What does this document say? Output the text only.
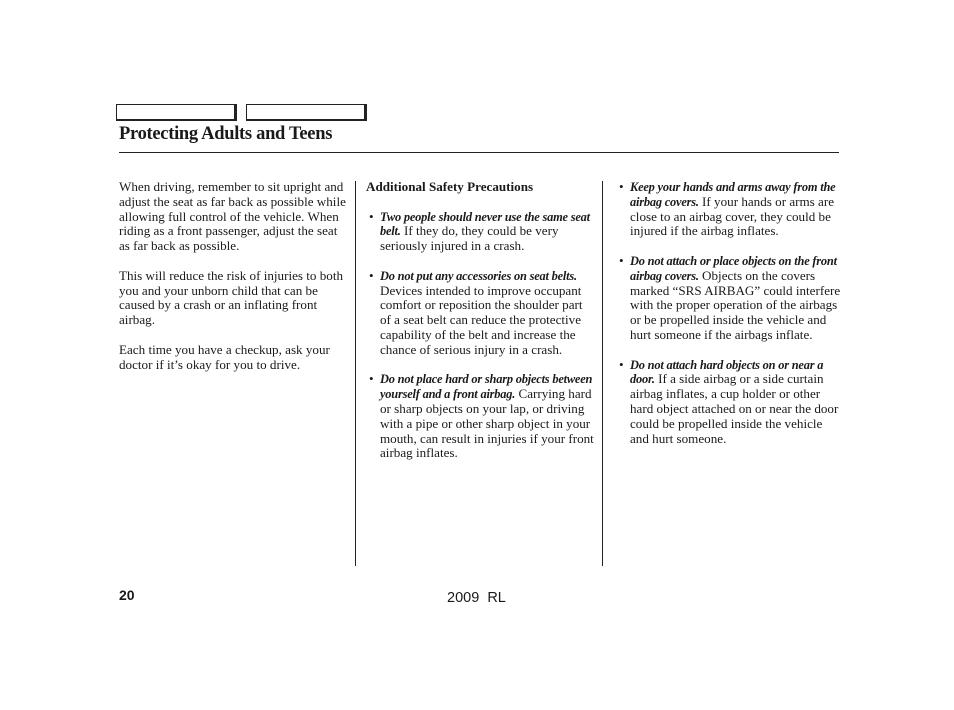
Protecting Adults and Teens

When driving, remember to sit upright and adjust the seat as far back as possible while allowing full control of the vehicle. When riding as a front passenger, adjust the seat as far back as possible.

This will reduce the risk of injuries to both you and your unborn child that can be caused by a crash or an inflating front airbag.

Each time you have a checkup, ask your doctor if it’s okay for you to drive.

Additional Safety Precautions

• Two people should never use the same seat belt. If they do, they could be very seriously injured in a crash.
• Do not put any accessories on seat belts. Devices intended to improve occupant comfort or reposition the shoulder part of a seat belt can reduce the protective capability of the belt and increase the chance of serious injury in a crash.
• Do not place hard or sharp objects between yourself and a front airbag. Carrying hard or sharp objects on your lap, or driving with a pipe or other sharp object in your mouth, can result in injuries if your front airbag inflates.
• Keep your hands and arms away from the airbag covers. If your hands or arms are close to an airbag cover, they could be injured if the airbag inflates.
• Do not attach or place objects on the front airbag covers. Objects on the covers marked “SRS AIRBAG” could interfere with the proper operation of the airbags or be propelled inside the vehicle and hurt someone if the airbags inflate.
• Do not attach hard objects on or near a door. If a side airbag or a side curtain airbag inflates, a cup holder or other hard object attached on or near the door could be propelled inside the vehicle and hurt someone.
20	2009  RL
